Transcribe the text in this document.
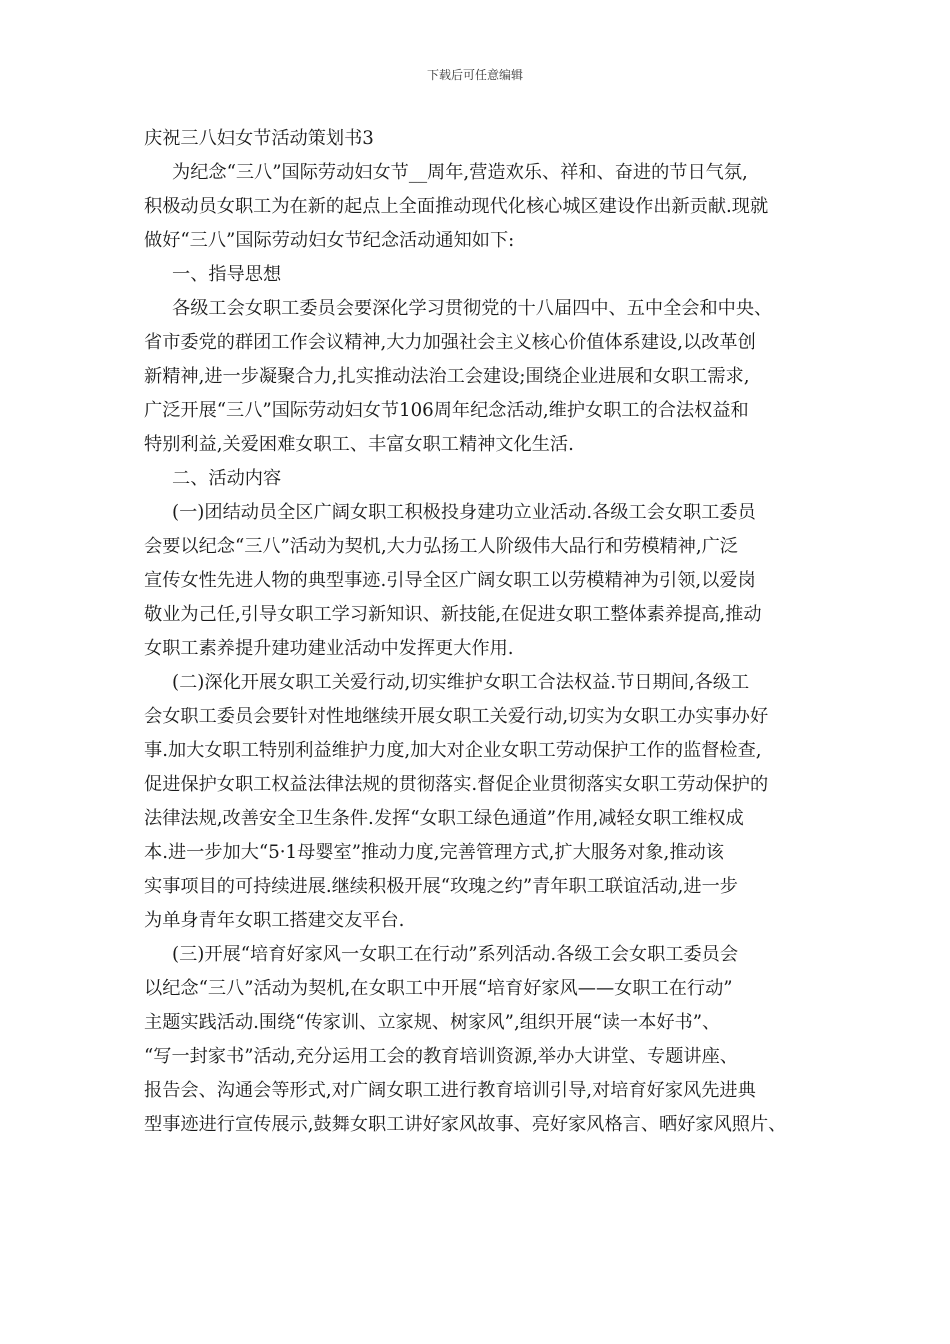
下载后可任意编辑
庆祝三八妇女节活动策划书3
为纪念“三八”国际劳动妇女节__周年,营造欢乐、祥和、奋进的节日气氛,
积极动员女职工为在新的起点上全面推动现代化核心城区建设作出新贡献.现就
做好“三八”国际劳动妇女节纪念活动通知如下:
一、指导思想
各级工会女职工委员会要深化学习贯彻党的十八届四中、五中全会和中央、
省市委党的群团工作会议精神,大力加强社会主义核心价值体系建设,以改革创
新精神,进一步凝聚合力,扎实推动法治工会建设;围绕企业进展和女职工需求,
广泛开展“三八”国际劳动妇女节106周年纪念活动,维护女职工的合法权益和
特别利益,关爱困难女职工、丰富女职工精神文化生活.
二、活动内容
(一)团结动员全区广阔女职工积极投身建功立业活动.各级工会女职工委员
会要以纪念“三八”活动为契机,大力弘扬工人阶级伟大品行和劳模精神,广泛
宣传女性先进人物的典型事迹.引导全区广阔女职工以劳模精神为引领,以爱岗
敬业为己任,引导女职工学习新知识、新技能,在促进女职工整体素养提高,推动
女职工素养提升建功建业活动中发挥更大作用.
(二)深化开展女职工关爱行动,切实维护女职工合法权益.节日期间,各级工
会女职工委员会要针对性地继续开展女职工关爱行动,切实为女职工办实事办好
事.加大女职工特别利益维护力度,加大对企业女职工劳动保护工作的监督检查,
促进保护女职工权益法律法规的贯彻落实.督促企业贯彻落实女职工劳动保护的
法律法规,改善安全卫生条件.发挥“女职工绿色通道”作用,减轻女职工维权成
本.进一步加大“5·1母婴室”推动力度,完善管理方式,扩大服务对象,推动该
实事项目的可持续进展.继续积极开展“玫瑰之约”青年职工联谊活动,进一步
为单身青年女职工搭建交友平台.
(三)开展“培育好家风一女职工在行动”系列活动.各级工会女职工委员会
以纪念“三八”活动为契机,在女职工中开展“培育好家风——女职工在行动”
主题实践活动.围绕“传家训、立家规、树家风”,组织开展“读一本好书”、
“写一封家书”活动,充分运用工会的教育培训资源,举办大讲堂、专题讲座、
报告会、沟通会等形式,对广阔女职工进行教育培训引导,对培育好家风先进典
型事迹进行宣传展示,鼓舞女职工讲好家风故事、亮好家风格言、晒好家风照片、
